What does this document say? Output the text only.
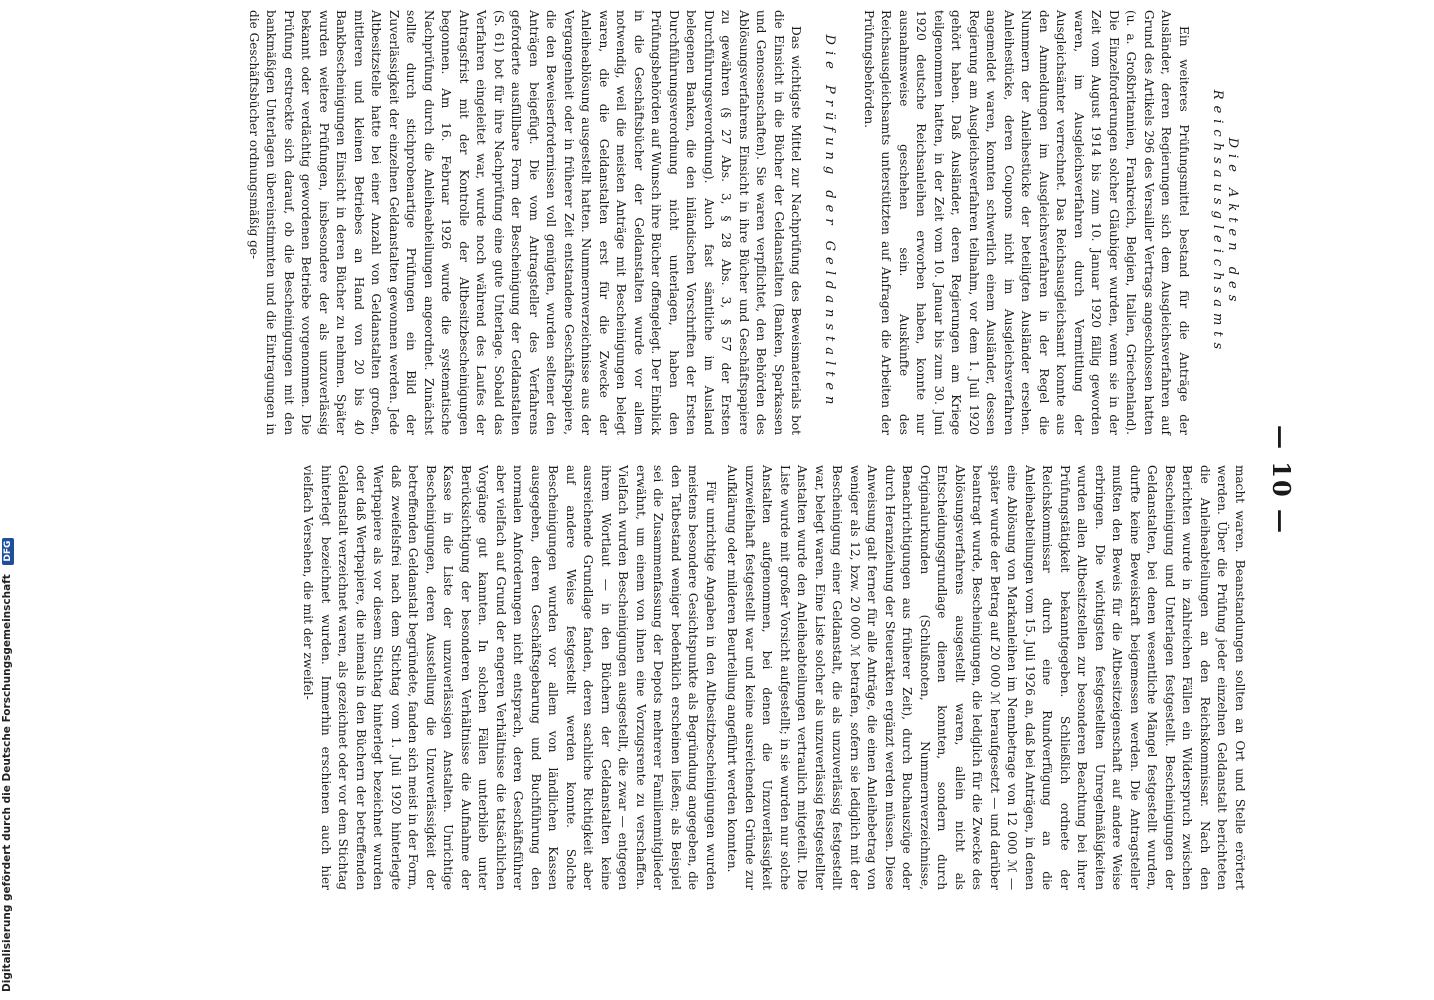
— 10 —
Die Akten des Reichsausgleichsamts

Ein weiteres Prüfungsmittel bestand für die Anträge der Ausländer, deren Regierungen sich dem Ausgleichsverfahren auf Grund des Artikels 296 des Versailler Vertrags angeschlossen hatten (u. a. Großbritannien, Frankreich, Belgien, Italien, Griechenland). Die Einzelforderungen solcher Gläubiger wurden, wenn sie in der Zeit vom August 1914 bis zum 10. Januar 1920 fällig geworden waren, im Ausgleichsverfahren durch Vermittlung der Ausgleichsämter verrechnet. Das Reichsausgleichsamt konnte aus den Anmeldungen im Ausgleichsverfahren in der Regel die Nummern der Anleihestücke der beteiligten Ausländer ersehen. Anleihestücke, deren Coupons nicht im Ausgleichsverfahren angemeldet waren, konnten schwerlich einem Ausländer, dessen Regierung am Ausgleichsverfahren teilnahm, vor dem 1. Juli 1920 gehört haben. Daß Ausländer, deren Regierungen am Kriege teilgenommen hatten, in der Zeit vom 10. Januar bis zum 30. Juni 1920 deutsche Reichsanleihen erworben haben, konnte nur ausnahmsweise geschehen sein. Auskünfte des Reichsausgleichsamts unterstützten auf Anfragen die Arbeiten der Prüfungsbehörden.

Die Prüfung der Geldanstalten

Das wichtigste Mittel zur Nachprüfung des Beweismaterials bot die Einsicht in die Bücher der Geldanstalten (Banken, Sparkassen und Genossenschaften). Sie waren verpflichtet, den Behörden des Ablösungsverfahrens Einsicht in ihre Bücher und Geschäftspapiere zu gewähren (§ 27 Abs. 3, § 28 Abs. 3, § 57 der Ersten Durchführungsverordnung). Auch fast sämtliche im Ausland belegenen Banken, die den inländischen Vorschriften der Ersten Durchführungsverordnung nicht unterlagen, haben den Prüfungsbehörden auf Wunsch ihre Bücher offengelegt. Der Einblick in die Geschäftsbücher der Geldanstalten wurde vor allem notwendig, weil die meisten Anträge mit Bescheinigungen belegt waren, die die Geldanstalten erst für die Zwecke der Anleiheablösung ausgestellt hatten. Nummernverzeichnisse aus der Vergangenheit oder in früherer Zeit entstandene Geschäftspapiere, die den Beweiserfordernissen voll genügten, wurden seltener den Anträgen beigefügt. Die vom Antragsteller des Verfahrens geforderte ausfüllbare Form der Bescheinigung der Geldanstalten (S. 61) bot für ihre Nachprüfung eine gute Unterlage. Sobald das Verfahren eingeleitet war, wurde noch während des Laufes der Antragsfrist mit der Kontrolle der Altbesitzbescheinigungen begonnen. Am 16. Februar 1926 wurde die systematische Nachprüfung durch die Anleiheabteilungen angeordnet. Zunächst sollte durch stichprobenartige Prüfungen ein Bild der Zuverlässigkeit der einzelnen Geldanstalten gewonnen werden. Jede Altbesitzstelle hatte bei einer Anzahl von Geldanstalten großen, mittleren und kleinen Betriebes an Hand von 20 bis 40 Bankbescheinigungen Einsicht in deren Bücher zu nehmen. Später wurden weitere Prüfungen, insbesondere der als unzuverlässig bekannt oder verdächtig gewordenen Betriebe vorgenommen. Die Prüfung erstreckte sich darauf, ob die Bescheinigungen mit den bankmäßigen Unterlagen übereinstimmten und die Eintragungen in die Geschäftsbücher ordnungsmäßig ge-

macht waren. Beanstandungen sollten an Ort und Stelle erörtert werden. Über die Prüfung jeder einzelnen Geldanstalt berichteten die Anleiheabteilungen an den Reichskommissar. Nach den Berichten wurde in zahlreichen Fällen ein Widerspruch zwischen Bescheinigung und Unterlagen festgestellt. Bescheinigungen der Geldanstalten, bei denen wesentliche Mängel festgestellt wurden, durfte keine Beweiskraft beigemessen werden. Die Antragsteller mußten den Beweis für die Altbesitzeigenschaft auf andere Weise erbringen. Die wichtigsten festgestellten Unregelmäßigkeiten wurden allen Altbesitzstellen zur besonderen Beachtung bei ihrer Prüfungstätigkeit bekanntgegeben. Schließlich ordnete der Reichskommissar durch eine Rundverfügung an die Anleiheabteilungen vom 15. Juli 1926 an, daß bei Anträgen, in denen eine Ablösung von Markanleihen im Nennbetrage von 12 000 ℳ — später wurde der Betrag auf 20 000 ℳ heraufgesetzt — und darüber beantragt wurde, Bescheinigungen, die lediglich für die Zwecke des Ablösungsverfahrens ausgestellt waren, allein nicht als Entscheidungsgrundlage dienen konnten, sondern durch Originalurkunden (Schlußnoten, Nummernverzeichnisse, Benachrichtigungen aus früherer Zeit), durch Buchauszüge oder durch Heranziehung der Steuerakten ergänzt werden müssen. Diese Anweisung galt ferner für alle Anträge, die einen Anleihebetrag von weniger als 12, bzw. 20 000 ℳ betrafen, sofern sie lediglich mit der Bescheinigung einer Geldanstalt, die als unzuverlässig festgestellt war, belegt waren. Eine Liste solcher als unzuverlässig festgestellter Anstalten wurde den Anleiheabteilungen vertraulich mitgeteilt. Die Liste wurde mit großer Vorsicht aufgestellt; in sie wurden nur solche Anstalten aufgenommen, bei denen die Unzuverlässigkeit unzweifelhaft festgestellt war und keine ausreichenden Gründe zur Aufklärung oder milderen Beurteilung angeführt werden konnten.

Für unrichtige Angaben in den Altbesitzbescheinigungen wurden meistens besondere Gesichtspunkte als Begründung angegeben, die den Tatbestand weniger bedenklich erscheinen ließen; als Beispiel sei die Zusammenfassung der Depots mehrerer Familienmitglieder erwähnt, um einem von ihnen eine Vorzugsrente zu verschaffen. Vielfach wurden Bescheinigungen ausgestellt, die zwar — entgegen ihrem Wortlaut — in den Büchern der Geldanstalten keine ausreichende Grundlage fanden, deren sachliche Richtigkeit aber auf andere Weise festgestellt werden konnte. Solche Bescheinigungen wurden vor allem von ländlichen Kassen ausgegeben, deren Geschäftsgebarung und Buchführung den normalen Anforderungen nicht entsprach, deren Geschäftsführer aber vielfach auf Grund der engeren Verhältnisse die tatsächlichen Vorgänge gut kannten. In solchen Fällen unterblieb unter Berücksichtigung der besonderen Verhältnisse die Aufnahme der Kasse in die Liste der unzuverlässigen Anstalten. Unrichtige Bescheinigungen, deren Ausstellung die Unzuverlässigkeit der betreffenden Geldanstalt begründete, fanden sich meist in der Form, daß zweifelsfrei nach dem Stichtag vom 1. Juli 1920 hinterlegte Wertpapiere als vor diesem Stichtag hinterlegt bezeichnet wurden oder daß Wertpapiere, die niemals in den Büchern der betreffenden Geldanstalt verzeichnet waren, als gezeichnet oder vor dem Stichtag hinterlegt bezeichnet wurden. Immerhin erschienen auch hier vielfach Versehen, die mit der zweifel-

Digitalisierung gefördert durch die Deutsche Forschungsgemeinschaft DFG
